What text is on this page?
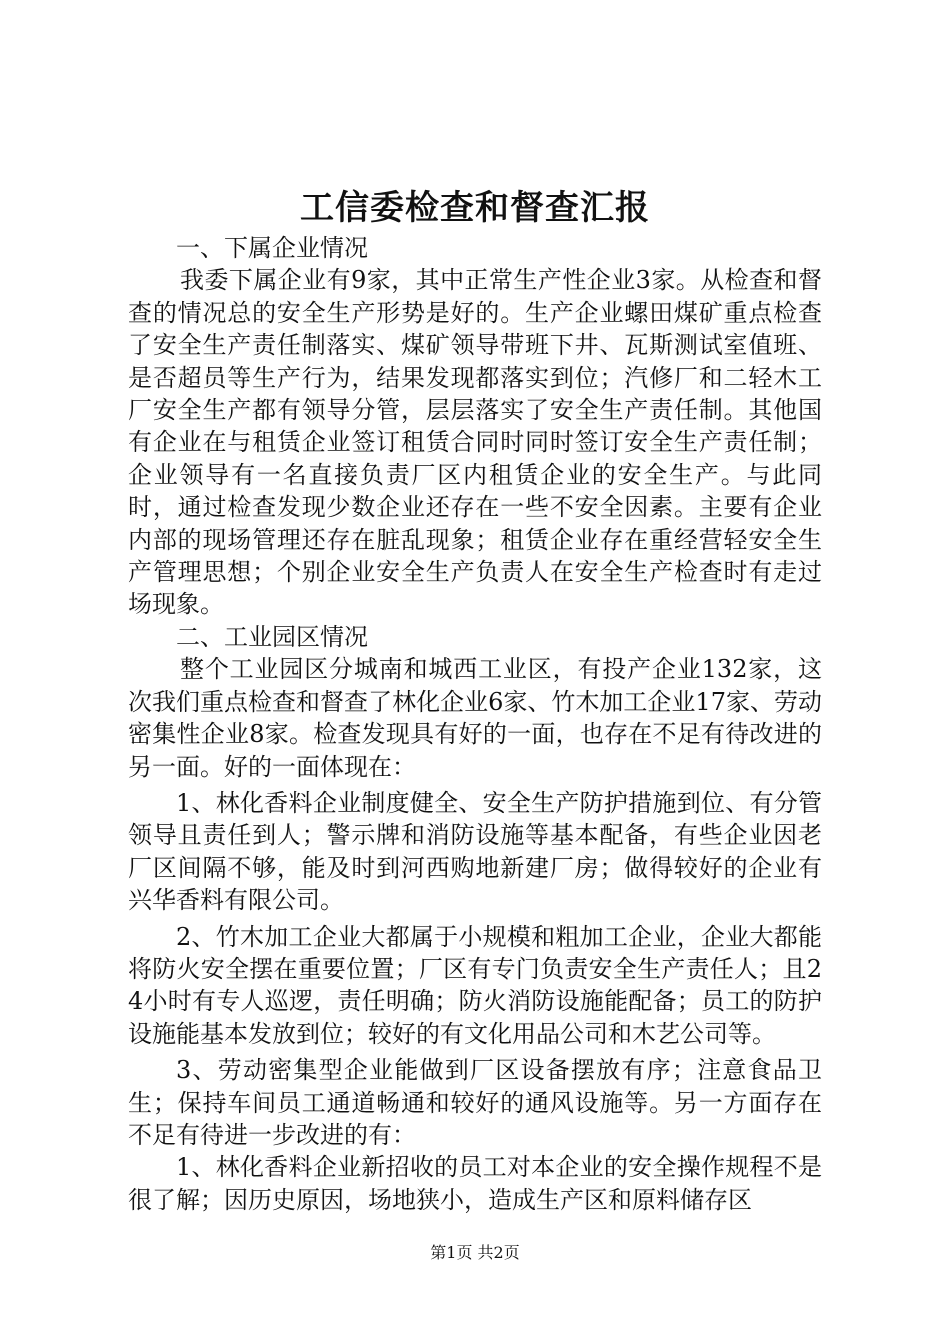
工信委检查和督查汇报

一、下属企业情况

我委下属企业有9家，其中正常生产性企业3家。从检查和督查的情况总的安全生产形势是好的。生产企业螺田煤矿重点检查了安全生产责任制落实、煤矿领导带班下井、瓦斯测试室值班、是否超员等生产行为，结果发现都落实到位；汽修厂和二轻木工厂安全生产都有领导分管，层层落实了安全生产责任制。其他国有企业在与租赁企业签订租赁合同时同时签订安全生产责任制；企业领导有一名直接负责厂区内租赁企业的安全生产。与此同时，通过检查发现少数企业还存在一些不安全因素。主要有企业内部的现场管理还存在脏乱现象；租赁企业存在重经营轻安全生产管理思想；个别企业安全生产负责人在安全生产检查时有走过场现象。

二、工业园区情况

整个工业园区分城南和城西工业区，有投产企业132家，这次我们重点检查和督查了林化企业6家、竹木加工企业17家、劳动密集性企业8家。检查发现具有好的一面，也存在不足有待改进的另一面。好的一面体现在：

1、林化香料企业制度健全、安全生产防护措施到位、有分管领导且责任到人；警示牌和消防设施等基本配备，有些企业因老厂区间隔不够，能及时到河西购地新建厂房；做得较好的企业有兴华香料有限公司。

2、竹木加工企业大都属于小规模和粗加工企业，企业大都能将防火安全摆在重要位置；厂区有专门负责安全生产责任人；且24小时有专人巡逻，责任明确；防火消防设施能配备；员工的防护设施能基本发放到位；较好的有文化用品公司和木艺公司等。

3、劳动密集型企业能做到厂区设备摆放有序；注意食品卫生；保持车间员工通道畅通和较好的通风设施等。另一方面存在不足有待进一步改进的有：

1、林化香料企业新招收的员工对本企业的安全操作规程不是很了解；因历史原因，场地狭小，造成生产区和原料储存区

第1页 共2页
